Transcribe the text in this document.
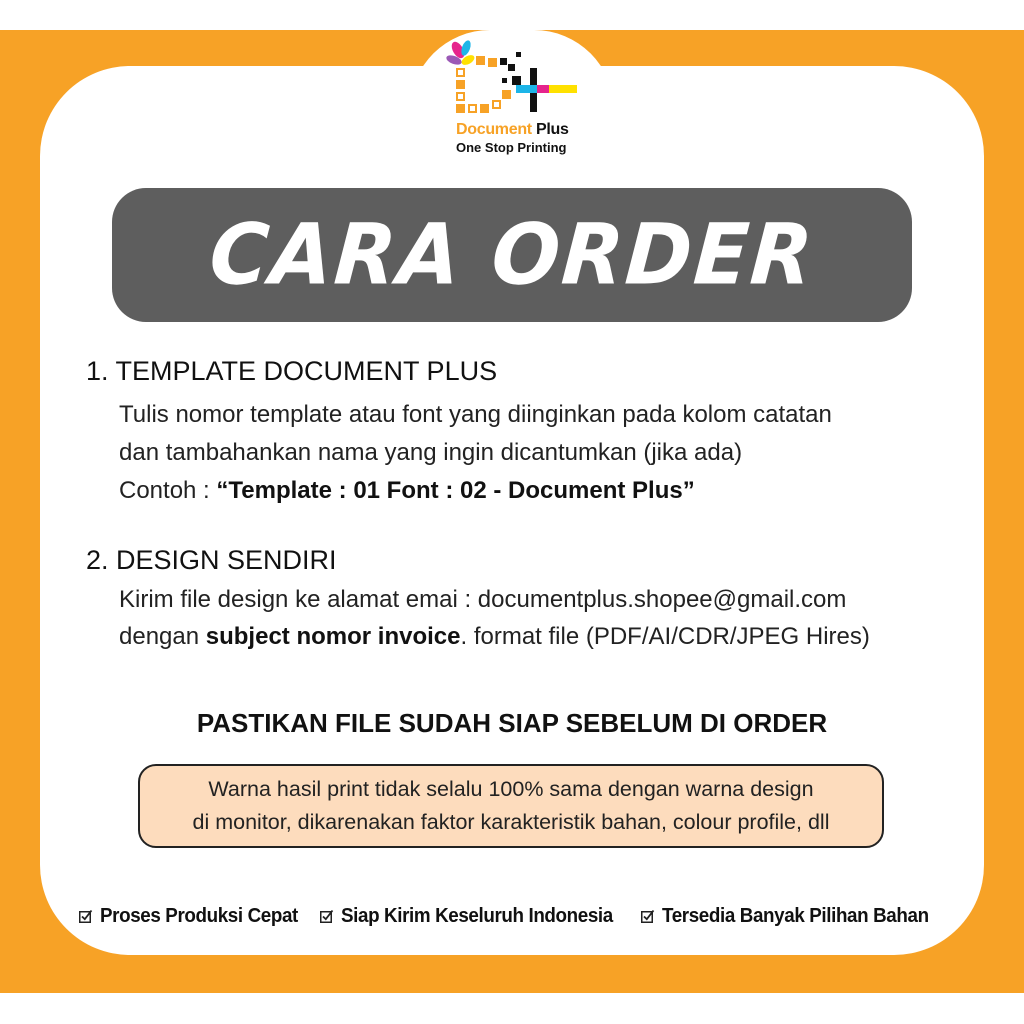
Document Plus
One Stop Printing
CARA ORDER
1. TEMPLATE DOCUMENT PLUS
Tulis nomor template atau font yang diinginkan pada kolom catatan
dan tambahankan nama yang ingin dicantumkan (jika ada)
Contoh : “Template : 01 Font : 02 - Document Plus”
2. DESIGN SENDIRI
Kirim file design ke alamat emai : documentplus.shopee@gmail.com
dengan subject nomor invoice. format file (PDF/AI/CDR/JPEG Hires)
PASTIKAN FILE SUDAH SIAP SEBELUM DI ORDER
Warna hasil print tidak selalu 100% sama dengan warna design
di monitor, dikarenakan faktor karakteristik bahan, colour profile, dll
Proses Produksi Cepat Siap Kirim Keseluruh Indonesia Tersedia Banyak Pilihan Bahan
